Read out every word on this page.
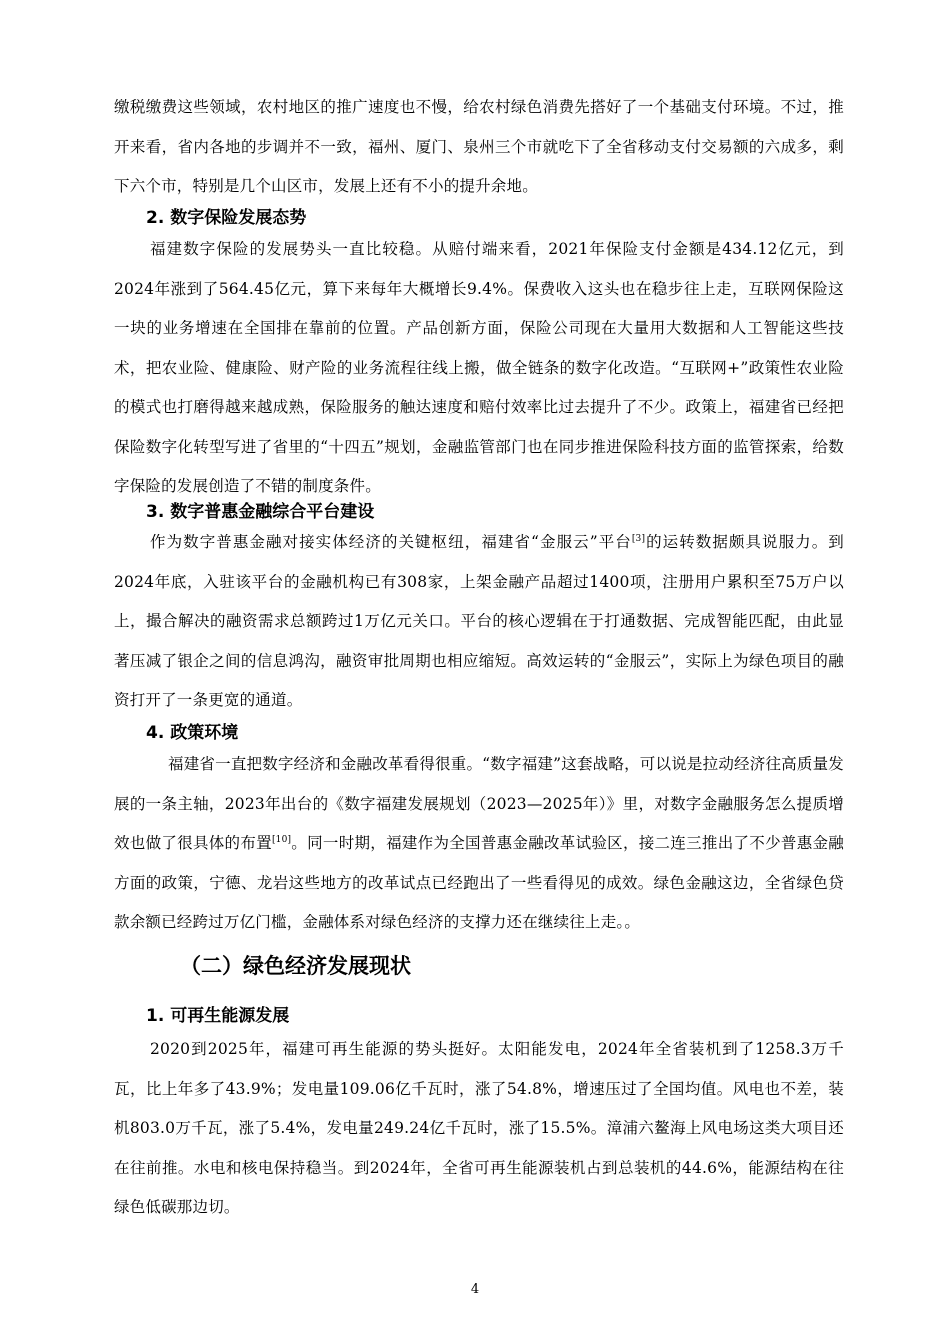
缴税缴费这些领域，农村地区的推广速度也不慢，给农村绿色消费先搭好了一个基础支付环境。不过，推开来看，省内各地的步调并不一致，福州、厦门、泉州三个市就吃下了全省移动支付交易额的六成多，剩下六个市，特别是几个山区市，发展上还有不小的提升余地。

2. 数字保险发展态势

福建数字保险的发展势头一直比较稳。从赔付端来看，2021年保险支付金额是434.12亿元，到2024年涨到了564.45亿元，算下来每年大概增长9.4%。保费收入这头也在稳步往上走，互联网保险这一块的业务增速在全国排在靠前的位置。产品创新方面，保险公司现在大量用大数据和人工智能这些技术，把农业险、健康险、财产险的业务流程往线上搬，做全链条的数字化改造。“互联网+”政策性农业险的模式也打磨得越来越成熟，保险服务的触达速度和赔付效率比过去提升了不少。政策上，福建省已经把保险数字化转型写进了省里的“十四五”规划，金融监管部门也在同步推进保险科技方面的监管探索，给数字保险的发展创造了不错的制度条件。

3. 数字普惠金融综合平台建设

作为数字普惠金融对接实体经济的关键枢纽，福建省“金服云”平台[3]的运转数据颇具说服力。到2024年底，入驻该平台的金融机构已有308家，上架金融产品超过1400项，注册用户累积至75万户以上，撮合解决的融资需求总额跨过1万亿元关口。平台的核心逻辑在于打通数据、完成智能匹配，由此显著压减了银企之间的信息鸿沟，融资审批周期也相应缩短。高效运转的“金服云”，实际上为绿色项目的融资打开了一条更宽的通道。

4. 政策环境

福建省一直把数字经济和金融改革看得很重。“数字福建”这套战略，可以说是拉动经济往高质量发展的一条主轴，2023年出台的《数字福建发展规划（2023—2025年）》里，对数字金融服务怎么提质增效也做了很具体的布置[10]。同一时期，福建作为全国普惠金融改革试验区，接二连三推出了不少普惠金融方面的政策，宁德、龙岩这些地方的改革试点已经跑出了一些看得见的成效。绿色金融这边，全省绿色贷款余额已经跨过万亿门槛，金融体系对绿色经济的支撑力还在继续往上走。。

（二）绿色经济发展现状
1. 可再生能源发展

2020到2025年，福建可再生能源的势头挺好。太阳能发电，2024年全省装机到了1258.3万千瓦，比上年多了43.9%；发电量109.06亿千瓦时，涨了54.8%，增速压过了全国均值。风电也不差，装机803.0万千瓦，涨了5.4%，发电量249.24亿千瓦时，涨了15.5%。漳浦六鳌海上风电场这类大项目还在往前推。水电和核电保持稳当。到2024年，全省可再生能源装机占到总装机的44.6%，能源结构在往绿色低碳那边切。

4
